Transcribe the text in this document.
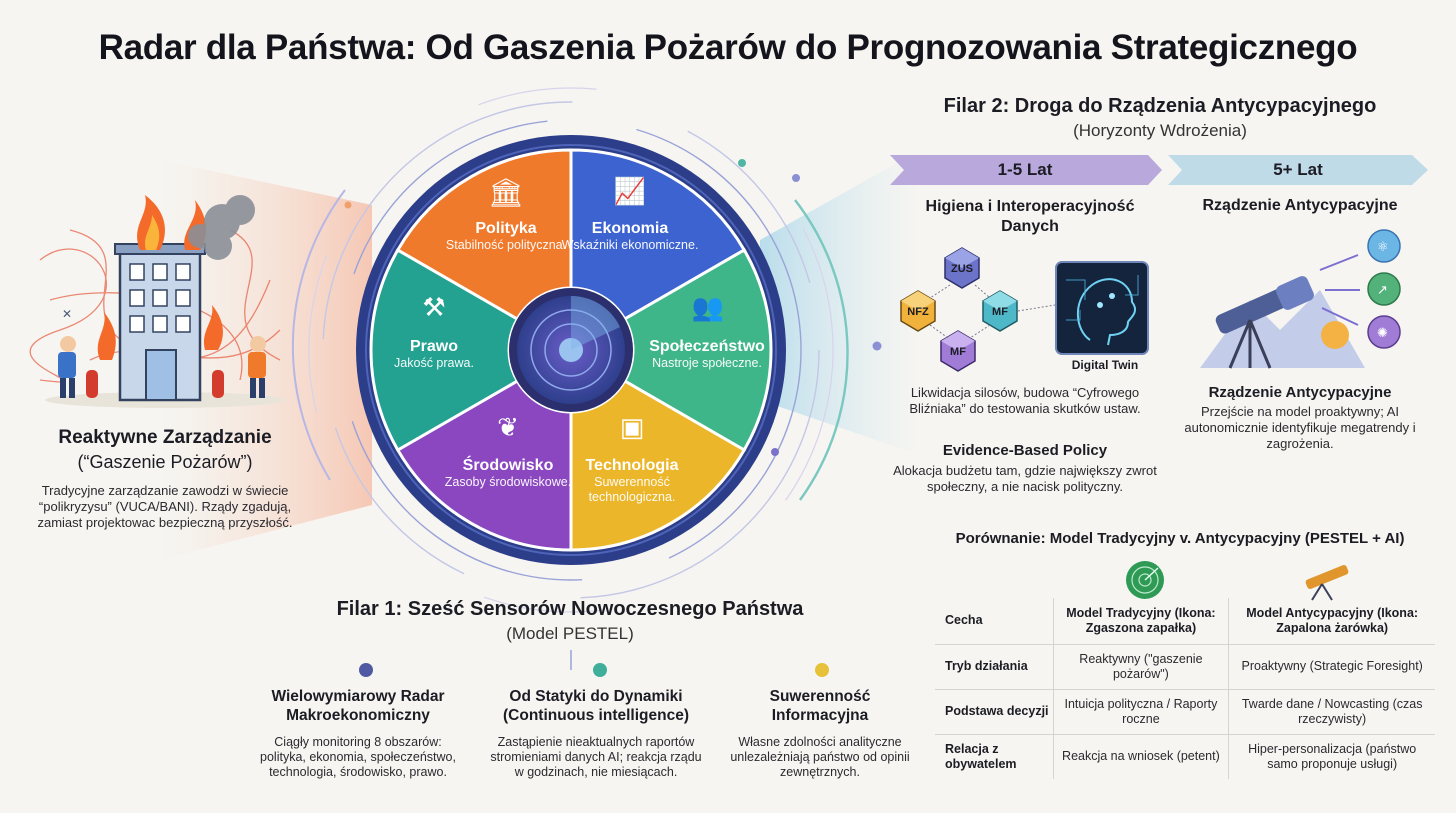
✕
⚛
↗
✺
Radar dla Państwa: Od Gaszenia Pożarów do Prognozowania Strategicznego
Reaktywne Zarządzanie
(“Gaszenie Pożarów”)
Tradycyjne zarządzanie zawodzi w świecie “polikryzysu” (VUCA/BANI). Rządy zgadują, zamiast projektowac bezpieczną przyszłość.
Polityka
Stabilność polityczna.
Ekonomia
Wskaźniki ekonomiczne.
Społeczeństwo
Nastroje społeczne.
Technologia
Suwerenność technologiczna.
Środowisko
Zasoby środowiskowe.
Prawo
Jakość prawa.
🏛	📈
👥
▣
❦
⚒
Filar 1: Sześć Sensorów Nowoczesnego Państwa
(Model PESTEL)
Wielowymiarowy Radar Makroekonomiczny
Ciągły monitoring 8 obszarów: polityka, ekonomia, społeczeństwo, technologia, środowisko, prawo.
Od Statyki do Dynamiki (Continuous intelligence)
Zastąpienie nieaktualnych raportów stromieniami danych AI; reakcja rządu w godzinach, nie miesiącach.
Suwerenność Informacyjna
Własne zdolności analityczne unlezależniają państwo od opinii zewnętrznych.
Filar 2: Droga do Rządzenia Antycypacyjnego
(Horyzonty Wdrożenia)
1-5 Lat	5+ Lat
Higiena i Interoperacyjność Danych
Rządzenie Antycypacyjne
ZUS
NFZ	MF
MF
Digital Twin
Likwidacja silosów, budowa “Cyfrowego Bliźniaka” do testowania skutków ustaw.
Evidence-Based Policy
Alokacja budżetu tam, gdzie największy zwrot społeczny, a nie nacisk polityczny.
Rządzenie Antycypacyjne
Przejście na model proaktywny; AI autonomicznie identyfikuje megatrendy i zagrożenia.
Porównanie: Model Tradycyjny v. Antycypacyjny (PESTEL + AI)
Cecha	Model Tradycyjny (Ikona: Zgaszona zapałka)	Model Antycypacyjny (Ikona: Zapalona żarówka)
Tryb działania	Reaktywny ("gaszenie pożarów")	Proaktywny (Strategic Foresight)
Podstawa decyzji	Intuicja polityczna / Raporty roczne	Twarde dane / Nowcasting (czas rzeczywisty)
Relacja z obywatelem	Reakcja na wniosek (petent)	Hiper-personalizacja (państwo samo proponuje usługi)
